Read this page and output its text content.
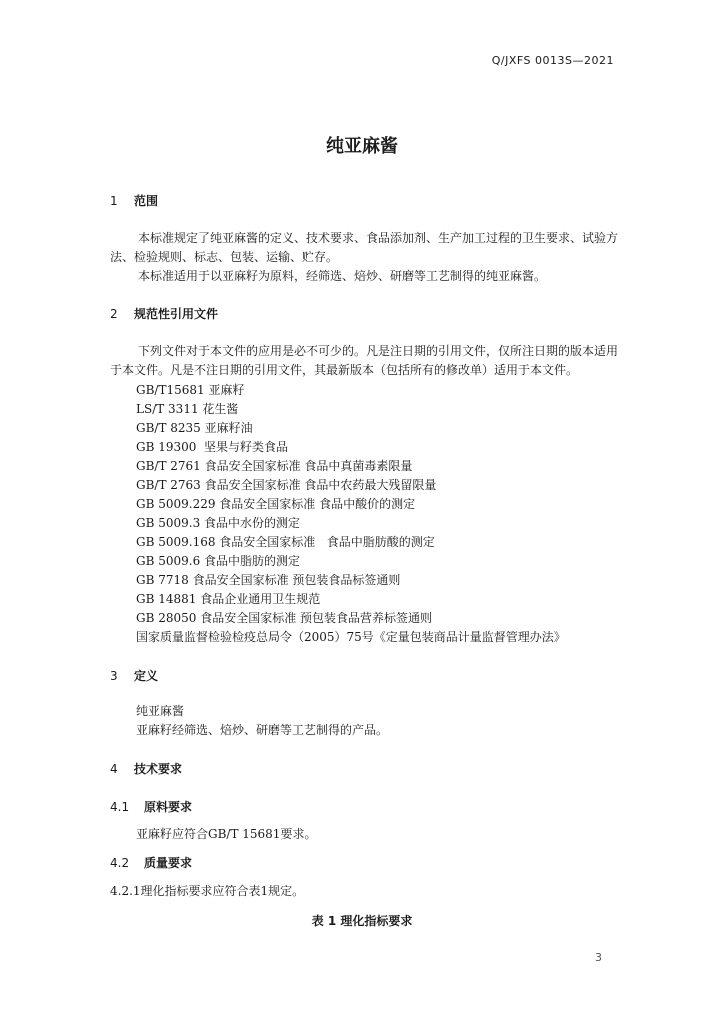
Q/JXFS 0013S—2021
纯亚麻酱
1 范围
本标准规定了纯亚麻酱的定义、技术要求、食品添加剂、生产加工过程的卫生要求、试验方法、检验规则、标志、包装、运输、贮存。
本标准适用于以亚麻籽为原料，经筛选、焙炒、研磨等工艺制得的纯亚麻酱。
2 规范性引用文件
下列文件对于本文件的应用是必不可少的。凡是注日期的引用文件，仅所注日期的版本适用于本文件。凡是不注日期的引用文件，其最新版本（包括所有的修改单）适用于本文件。
GB/T15681 亚麻籽
LS/T 3311 花生酱
GB/T 8235 亚麻籽油
GB 19300  坚果与籽类食品
GB/T 2761 食品安全国家标准 食品中真菌毒素限量
GB/T 2763 食品安全国家标准 食品中农药最大残留限量
GB 5009.229 食品安全国家标准 食品中酸价的测定
GB 5009.3 食品中水份的测定
GB 5009.168 食品安全国家标准   食品中脂肪酸的测定
GB 5009.6 食品中脂肪的测定
GB 7718 食品安全国家标准 预包装食品标签通则
GB 14881 食品企业通用卫生规范
GB 28050 食品安全国家标准 预包装食品营养标签通则
国家质量监督检验检疫总局令（2005）75号《定量包装商品计量监督管理办法》
3 定义
纯亚麻酱
亚麻籽经筛选、焙炒、研磨等工艺制得的产品。
4 技术要求
4.1 原料要求
亚麻籽应符合GB/T 15681要求。
4.2 质量要求
4.2.1理化指标要求应符合表1规定。
表 1 理化指标要求
3
